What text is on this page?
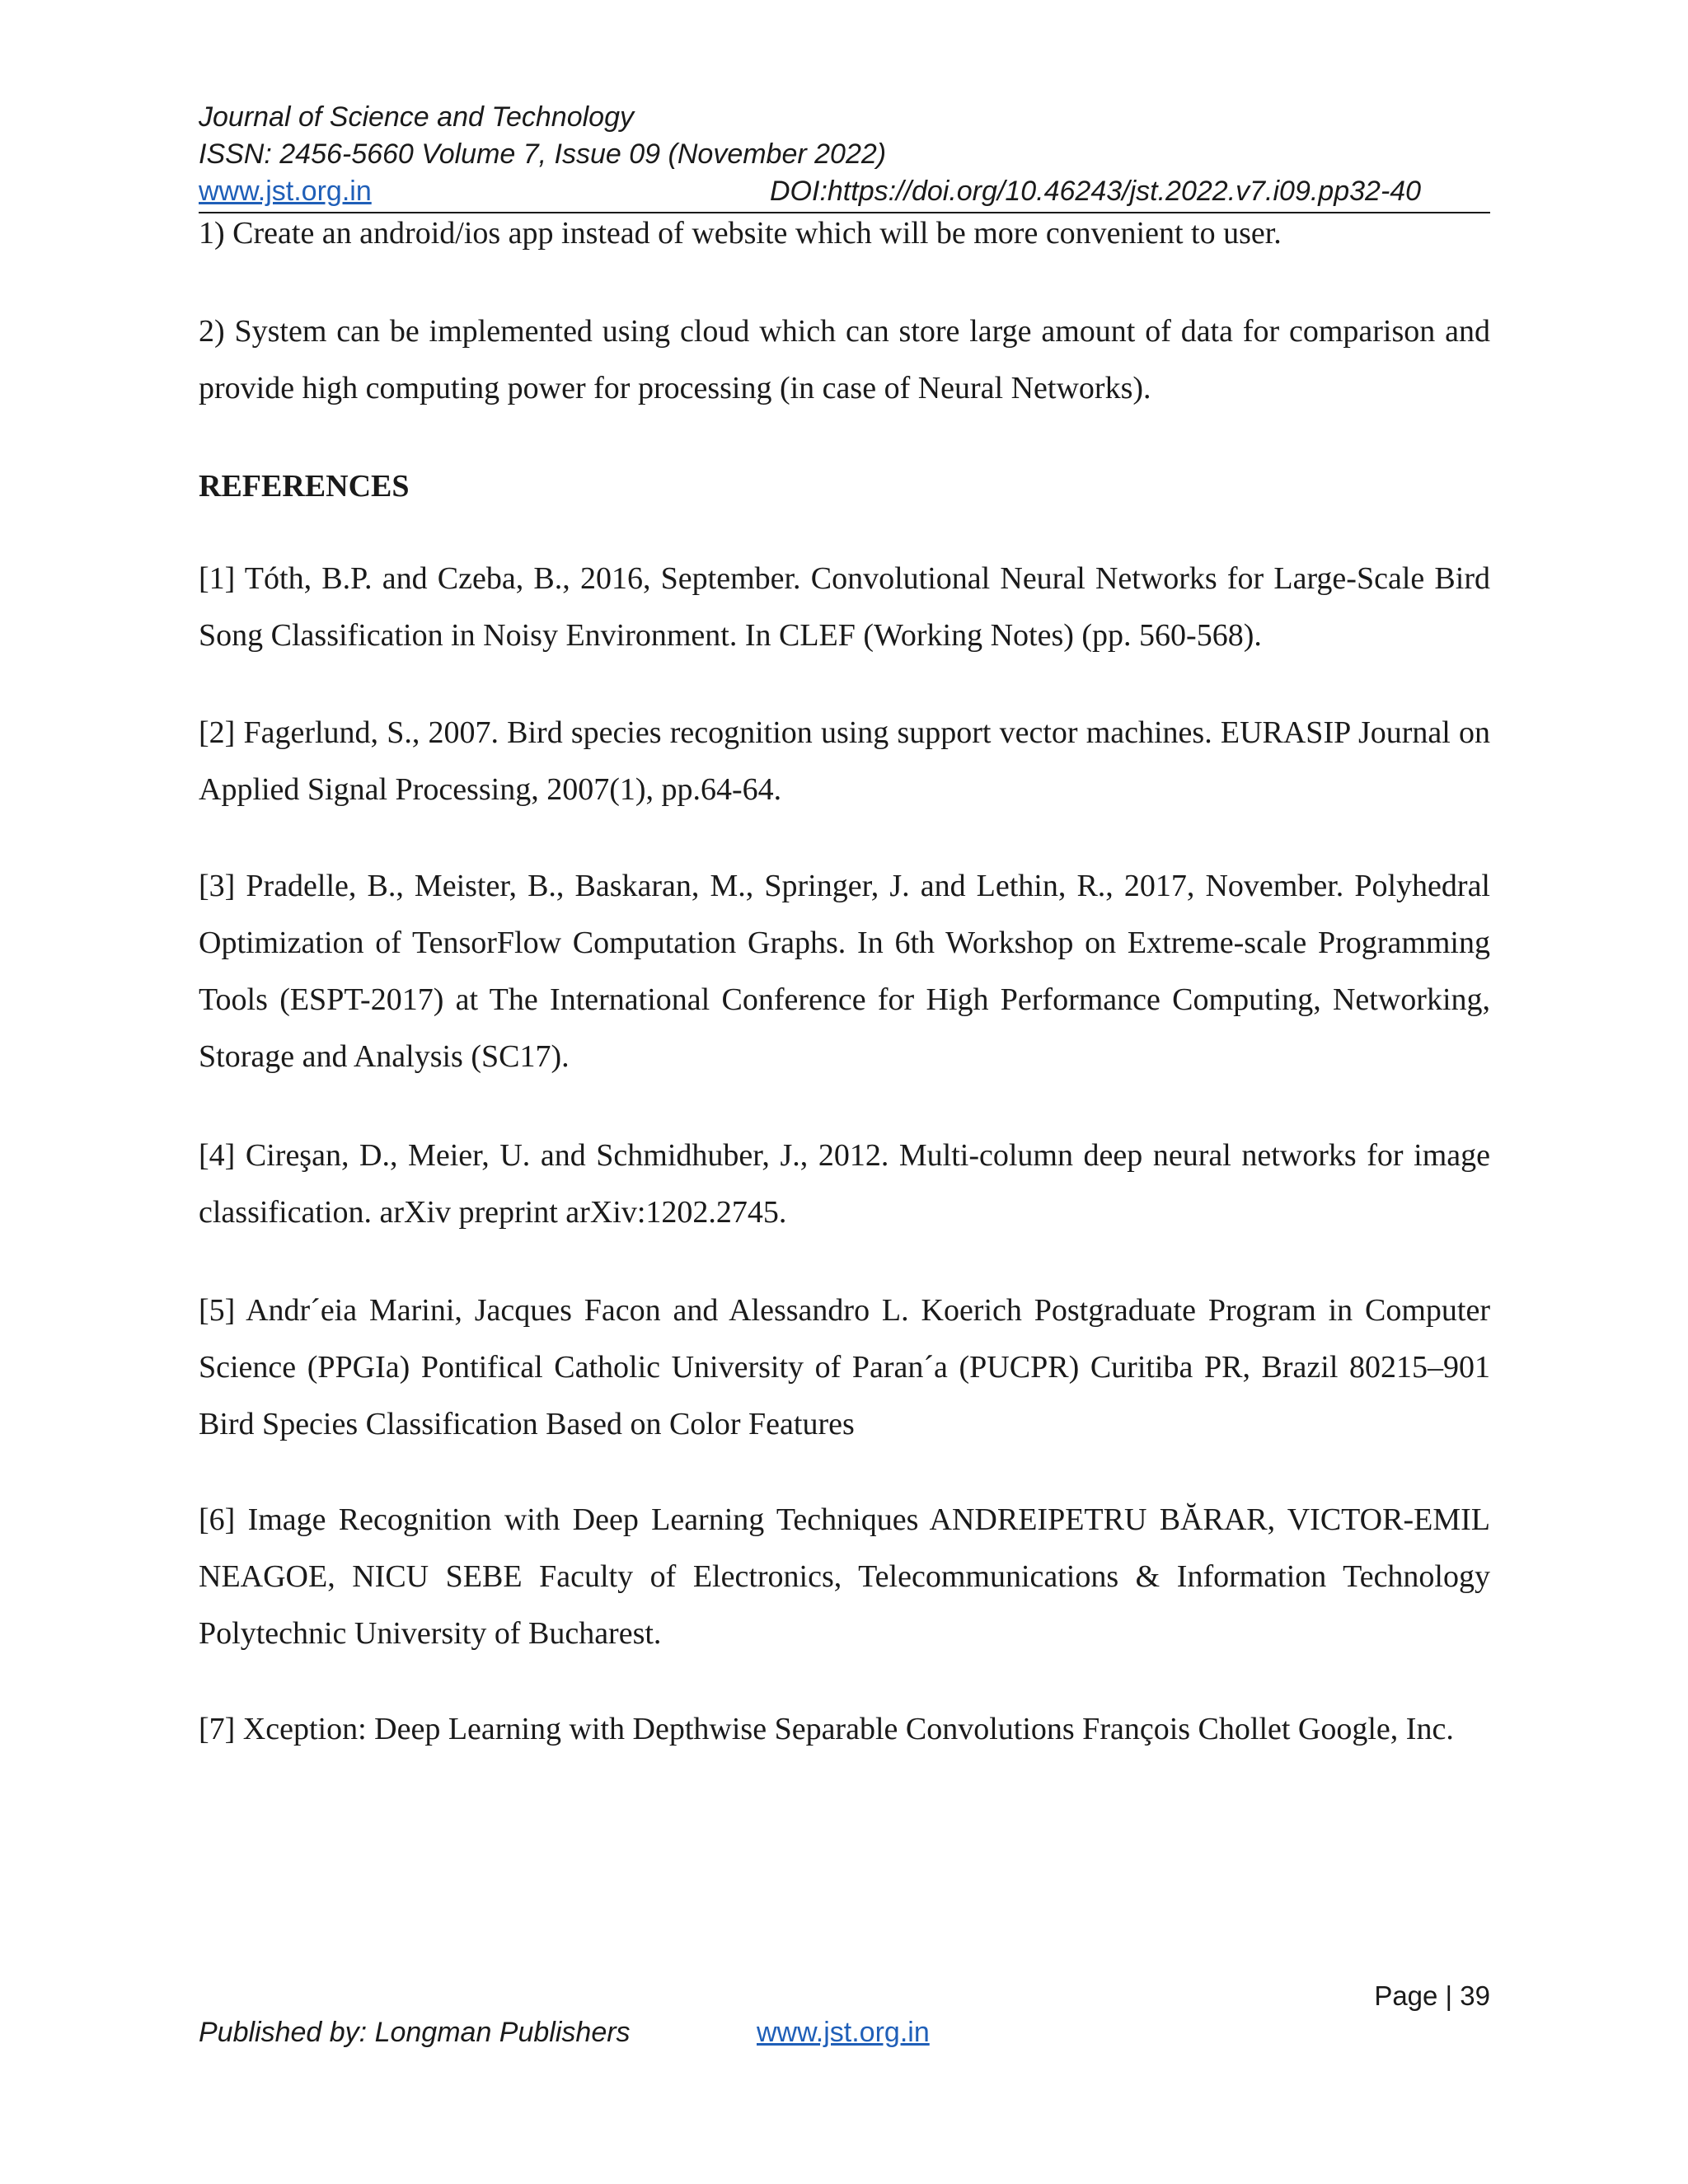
Journal of Science and Technology
ISSN: 2456-5660 Volume 7, Issue 09 (November 2022)
www.jst.org.in	DOI:https://doi.org/10.46243/jst.2022.v7.i09.pp32-40

1) Create an android/ios app instead of website which will be more convenient to user.

2) System can be implemented using cloud which can store large amount of data for comparison and provide high computing power for processing (in case of Neural Networks).

REFERENCES

[1] Tóth, B.P. and Czeba, B., 2016, September. Convolutional Neural Networks for Large-Scale Bird Song Classification in Noisy Environment. In CLEF (Working Notes) (pp. 560-568).

[2] Fagerlund, S., 2007. Bird species recognition using support vector machines. EURASIP Journal on Applied Signal Processing, 2007(1), pp.64-64.

[3] Pradelle, B., Meister, B., Baskaran, M., Springer, J. and Lethin, R., 2017, November. Polyhedral Optimization of TensorFlow Computation Graphs. In 6th Workshop on Extreme-scale Programming Tools (ESPT-2017) at The International Conference for High Performance Computing, Networking, Storage and Analysis (SC17).

[4] Cireşan, D., Meier, U. and Schmidhuber, J., 2012. Multi-column deep neural networks for image classification. arXiv preprint arXiv:1202.2745.

[5] Andr´eia Marini, Jacques Facon and Alessandro L. Koerich Postgraduate Program in Computer Science (PPGIa) Pontifical Catholic University of Paran´a (PUCPR) Curitiba PR, Brazil 80215–901 Bird Species Classification Based on Color Features

[6] Image Recognition with Deep Learning Techniques ANDREIPETRU BĂRAR, VICTOR-EMIL NEAGOE, NICU SEBE Faculty of Electronics, Telecommunications & Information Technology Polytechnic University of Bucharest.

[7] Xception: Deep Learning with Depthwise Separable Convolutions François Chollet Google, Inc.

Page | 39
Published by: Longman Publishers	www.jst.org.in
